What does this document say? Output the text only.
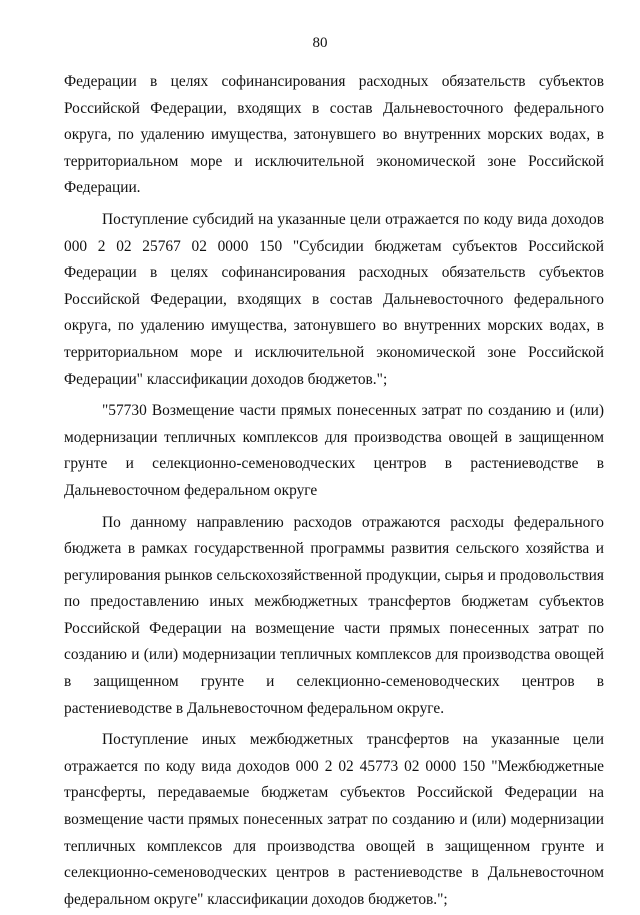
80

Федерации в целях софинансирования расходных обязательств субъектов Российской Федерации, входящих в состав Дальневосточного федерального округа, по удалению имущества, затонувшего во внутренних морских водах, в территориальном море и исключительной экономической зоне Российской Федерации.

Поступление субсидий на указанные цели отражается по коду вида доходов 000 2 02 25767 02 0000 150 "Субсидии бюджетам субъектов Российской Федерации в целях софинансирования расходных обязательств субъектов Российской Федерации, входящих в состав Дальневосточного федерального округа, по удалению имущества, затонувшего во внутренних морских водах, в территориальном море и исключительной экономической зоне Российской Федерации" классификации доходов бюджетов.";

"57730 Возмещение части прямых понесенных затрат по созданию и (или) модернизации тепличных комплексов для производства овощей в защищенном грунте и селекционно-семеноводческих центров в растениеводстве в Дальневосточном федеральном округе

По данному направлению расходов отражаются расходы федерального бюджета в рамках государственной программы развития сельского хозяйства и регулирования рынков сельскохозяйственной продукции, сырья и продовольствия по предоставлению иных межбюджетных трансфертов бюджетам субъектов Российской Федерации на возмещение части прямых понесенных затрат по созданию и (или) модернизации тепличных комплексов для производства овощей в защищенном грунте и селекционно-семеноводческих центров в растениеводстве в Дальневосточном федеральном округе.

Поступление иных межбюджетных трансфертов на указанные цели отражается по коду вида доходов 000 2 02 45773 02 0000 150 "Межбюджетные трансферты, передаваемые бюджетам субъектов Российской Федерации на возмещение части прямых понесенных затрат по созданию и (или) модернизации тепличных комплексов для производства овощей в защищенном грунте и селекционно-семеноводческих центров в растениеводстве в Дальневосточном федеральном округе" классификации доходов бюджетов.";
